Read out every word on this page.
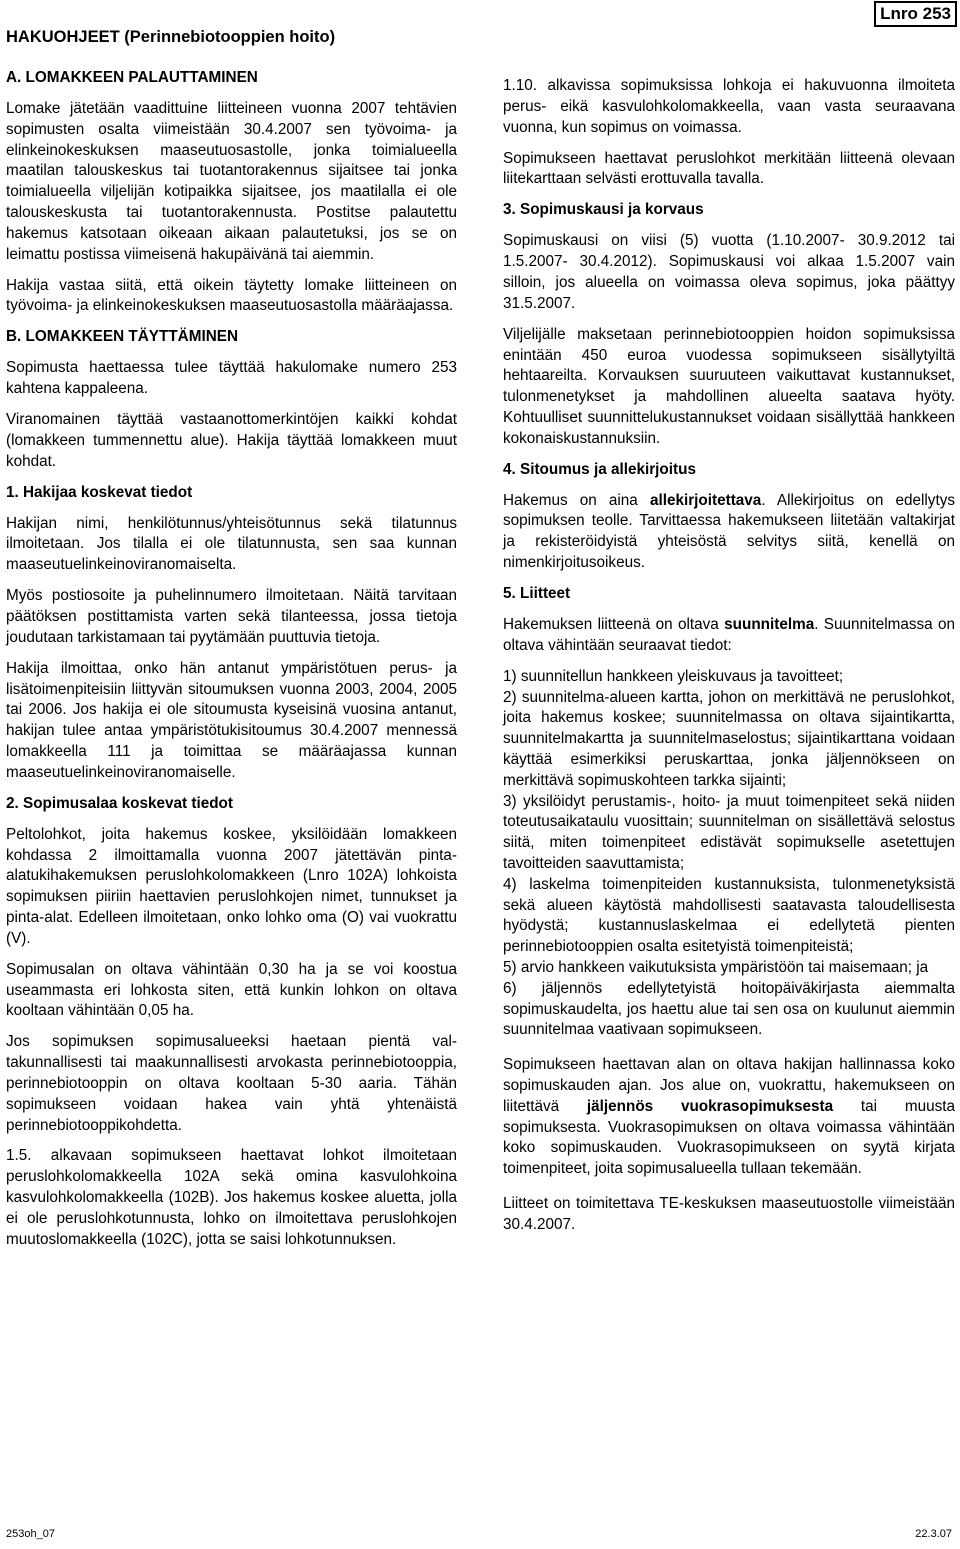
HAKUOHJEET (Perinnebiotooppien hoito)
Lnro 253
A. LOMAKKEEN PALAUTTAMINEN

Lomake jätetään vaadittuine liitteineen vuonna 2007 tehtävien sopimusten osalta viimeistään 30.4.2007 sen työvoima- ja elinkeinokeskuksen maaseutuosastolle, jonka toimialueella maatilan talouskeskus tai tuotantorakennus sijaitsee tai jonka toimialueella viljelijän kotipaikka sijaitsee, jos maatilalla ei ole talouskeskusta tai tuotantorakennusta. Postitse palautettu hakemus katsotaan oikeaan aikaan palautetuksi, jos se on leimattu postissa viimeisenä hakupäivänä tai aiemmin.

Hakija vastaa siitä, että oikein täytetty lomake liitteineen on työvoima- ja elinkeinokeskuksen maaseutuosastolla määräajassa.

B. LOMAKKEEN TÄYTTÄMINEN

Sopimusta haettaessa tulee täyttää hakulomake numero 253 kahtena kappaleena.

Viranomainen täyttää vastaanottomerkintöjen kaikki kohdat (lomakkeen tummennettu alue). Hakija täyttää lomakkeen muut kohdat.

1. Hakijaa koskevat tiedot

Hakijan nimi, henkilötunnus/yhteisötunnus sekä tilatunnus ilmoitetaan. Jos tilalla ei ole tilatunnusta, sen saa kunnan maaseutuelinkeinoviranomaiselta.

Myös postiosoite ja puhelinnumero ilmoitetaan. Näitä tarvitaan päätöksen postittamista varten sekä tilanteessa, jossa tietoja joudutaan tarkistamaan tai pyytämään puuttuvia tietoja.

Hakija ilmoittaa, onko hän antanut ympäristötuen perus- ja lisätoimenpiteisiin liittyvän sitoumuksen vuonna 2003, 2004, 2005 tai 2006. Jos hakija ei ole sitoumusta kyseisinä vuosina antanut, hakijan tulee antaa ympäristötukisitoumus 30.4.2007 mennessä lomakkeella 111 ja toimittaa se määräajassa kunnan maaseutuelinkeinoviranomaiselle.

2. Sopimusalaa koskevat tiedot

Peltolohkot, joita hakemus koskee, yksilöidään lomakkeen kohdassa 2 ilmoittamalla vuonna 2007 jätettävän pinta-alatukihakemuksen peruslohkolomakkeen (Lnro 102A) lohkoista sopimuksen piiriin haettavien peruslohkojen nimet, tunnukset ja pinta-alat. Edelleen ilmoitetaan, onko lohko oma (O) vai vuokrattu (V).

Sopimusalan on oltava vähintään 0,30 ha ja se voi koostua useammasta eri lohkosta siten, että kunkin lohkon on oltava kooltaan vähintään 0,05 ha.

Jos sopimuksen sopimusalueeksi haetaan pientä valtakunnallisesti tai maakunnallisesti arvokasta perinnebiotooppia, perinnebiotooppin on oltava kooltaan 5-30 aaria. Tähän sopimukseen voidaan hakea vain yhtä yhtenäistä perinnebiotooppikohdetta.

1.5. alkavaan sopimukseen haettavat lohkot ilmoitetaan peruslohkolomakkeella 102A sekä omina kasvulohkoina kasvulohkolomakkeella (102B). Jos hakemus koskee aluetta, jolla ei ole peruslohkotunnusta, lohko on ilmoitettava peruslohkojen muutoslomakkeella (102C), jotta se saisi lohkotunnuksen.

1.10. alkavissa sopimuksissa lohkoja ei hakuvuonna ilmoiteta perus- eikä kasvulohkolomakkeella, vaan vasta seuraavana vuonna, kun sopimus on voimassa.

Sopimukseen haettavat peruslohkot merkitään liitteenä olevaan liitekarttaan selvästi erottuvalla tavalla.

3. Sopimuskausi ja korvaus

Sopimuskausi on viisi (5) vuotta (1.10.2007- 30.9.2012 tai 1.5.2007- 30.4.2012). Sopimuskausi voi alkaa 1.5.2007 vain silloin, jos alueella on voimassa oleva sopimus, joka päättyy 31.5.2007.

Viljelijälle maksetaan perinnebiotooppien hoidon sopimuksissa enintään 450 euroa vuodessa sopimukseen sisällytyiltä hehtaareilta. Korvauksen suuruuteen vaikuttavat kustannukset, tulonmenetykset ja mahdollinen alueelta saatava hyöty. Kohtuulliset suunnittelukustannukset voidaan sisällyttää hankkeen kokonaiskustannuksiin.

4. Sitoumus ja allekirjoitus

Hakemus on aina allekirjoitettava. Allekirjoitus on edellytys sopimuksen teolle. Tarvittaessa hakemukseen liitetään valtakirjat ja rekisteröidyistä yhteisöstä selvitys siitä, kenellä on nimenkirjoitusoikeus.

5. Liitteet

Hakemuksen liitteenä on oltava suunnitelma. Suunnitelmassa on oltava vähintään seuraavat tiedot:

1) suunnitellun hankkeen yleiskuvaus ja tavoitteet;

2) suunnitelma-alueen kartta, johon on merkittävä ne peruslohkot, joita hakemus koskee; suunnitelmassa on oltava sijaintikartta, suunnitelmakartta ja suunnitelmaselostus; sijaintikarttana voidaan käyttää esimerkiksi peruskarttaa, jonka jäljennökseen on merkittävä sopimuskohteen tarkka sijainti;

3) yksilöidyt perustamis-, hoito- ja muut toimenpiteet sekä niiden toteutusaikataulu vuosittain; suunnitelman on sisällettävä selostus siitä, miten toimenpiteet edistävät sopimukselle asetettujen tavoitteiden saavuttamista;

4) laskelma toimenpiteiden kustannuksista, tulonmenetyksistä sekä alueen käytöstä mahdollisesti saatavasta taloudellisesta hyödystä; kustannuslaskelmaa ei edellytetä pienten perinnebiotooppien osalta esitetyistä toimenpiteistä;

5) arvio hankkeen vaikutuksista ympäristöön tai maisemaan; ja

6) jäljennös edellytetyistä hoitopäiväkirjasta aiemmalta sopimuskaudelta, jos haettu alue tai sen osa on kuulunut aiemmin suunnitelmaa vaativaan sopimukseen.

Sopimukseen haettavan alan on oltava hakijan hallinnassa koko sopimuskauden ajan. Jos alue on, vuokrattu, hakemukseen on liitettävä jäljennös vuokrasopimuksesta tai muusta sopimuksesta. Vuokrasopimuksen on oltava voimassa vähintään koko sopimuskauden. Vuokrasopimukseen on syytä kirjata toimenpiteet, joita sopimusalueella tullaan tekemään.

Liitteet on toimitettava TE-keskuksen maaseutuostolle viimeistään 30.4.2007.

253oh_07	22.3.07
